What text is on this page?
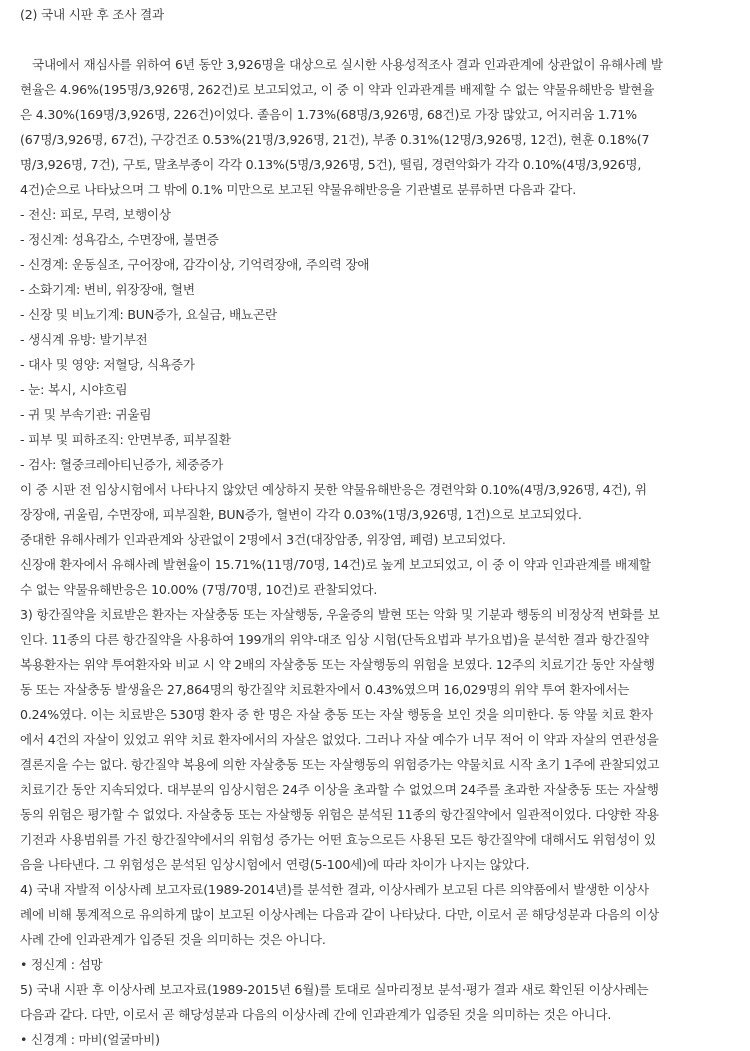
(2) 국내 시판 후 조사 결과
국내에서 재심사를 위하여 6년 동안 3,926명을 대상으로 실시한 사용성적조사 결과 인과관계에 상관없이 유해사례 발
현율은 4.96%(195명/3,926명, 262건)로 보고되었고, 이 중 이 약과 인과관계를 배제할 수 없는 약물유해반응 발현율
은 4.30%(169명/3,926명, 226건)이었다. 졸음이 1.73%(68명/3,926명, 68건)로 가장 많았고, 어지러움 1.71%
(67명/3,926명, 67건), 구강건조 0.53%(21명/3,926명, 21건), 부종 0.31%(12명/3,926명, 12건), 현훈 0.18%(7
명/3,926명, 7건), 구토, 말초부종이 각각 0.13%(5명/3,926명, 5건), 떨림, 경련악화가 각각 0.10%(4명/3,926명,
4건)순으로 나타났으며 그 밖에 0.1% 미만으로 보고된 약물유해반응을 기관별로 분류하면 다음과 같다.
- 전신: 피로, 무력, 보행이상
- 정신계: 성욕감소, 수면장애, 불면증
- 신경계: 운동실조, 구어장애, 감각이상, 기억력장애, 주의력 장애
- 소화기계: 변비, 위장장애, 혈변
- 신장 및 비뇨기계: BUN증가, 요실금, 배뇨곤란
- 생식계 유방: 발기부전
- 대사 및 영양: 저혈당, 식욕증가
- 눈: 복시, 시야흐림
- 귀 및 부속기관: 귀울림
- 피부 및 피하조직: 안면부종, 피부질환
- 검사: 혈중크레아티닌증가, 체중증가
이 중 시판 전 임상시험에서 나타나지 않았던 예상하지 못한 약물유해반응은 경련악화 0.10%(4명/3,926명, 4건), 위
장장애, 귀울림, 수면장애, 피부질환, BUN증가, 혈변이 각각 0.03%(1명/3,926명, 1건)으로 보고되었다.
중대한 유해사례가 인과관계와 상관없이 2명에서 3건(대장암종, 위장염, 폐렴) 보고되었다.
신장애 환자에서 유해사례 발현율이 15.71%(11명/70명, 14건)로 높게 보고되었고, 이 중 이 약과 인과관계를 배제할
수 없는 약물유해반응은 10.00% (7명/70명, 10건)로 관찰되었다.
3) 항간질약을 치료받은 환자는 자살충동 또는 자살행동, 우울증의 발현 또는 악화 및 기분과 행동의 비정상적 변화를 보
인다. 11종의 다른 항간질약을 사용하여 199개의 위약-대조 임상 시험(단독요법과 부가요법)을 분석한 결과 항간질약
복용환자는 위약 투여환자와 비교 시 약 2배의 자살충동 또는 자살행동의 위험을 보였다. 12주의 치료기간 동안 자살행
동 또는 자살충동 발생율은 27,864명의 항간질약 치료환자에서 0.43%였으며 16,029명의 위약 투여 환자에서는
0.24%였다. 이는 치료받은 530명 환자 중 한 명은 자살 충동 또는 자살 행동을 보인 것을 의미한다. 동 약물 치료 환자
에서 4건의 자살이 있었고 위약 치료 환자에서의 자살은 없었다. 그러나 자살 예수가 너무 적어 이 약과 자살의 연관성을
결론지을 수는 없다. 항간질약 복용에 의한 자살충동 또는 자살행동의 위험증가는 약물치료 시작 초기 1주에 관찰되었고
치료기간 동안 지속되었다. 대부분의 임상시험은 24주 이상을 초과할 수 없었으며 24주를 초과한 자살충동 또는 자살행
동의 위험은 평가할 수 없었다. 자살충동 또는 자살행동 위험은 분석된 11종의 항간질약에서 일관적이었다. 다양한 작용
기전과 사용범위를 가진 항간질약에서의 위험성 증가는 어떤 효능으로든 사용된 모든 항간질약에 대해서도 위험성이 있
음을 나타낸다. 그 위험성은 분석된 임상시험에서 연령(5-100세)에 따라 차이가 나지는 않았다.
4) 국내 자발적 이상사례 보고자료(1989-2014년)를 분석한 결과, 이상사례가 보고된 다른 의약품에서 발생한 이상사
례에 비해 통계적으로 유의하게 많이 보고된 이상사례는 다음과 같이 나타났다. 다만, 이로서 곧 해당성분과 다음의 이상
사례 간에 인과관계가 입증된 것을 의미하는 것은 아니다.
• 정신계 : 섬망
5) 국내 시판 후 이상사례 보고자료(1989-2015년 6월)를 토대로 실마리정보 분석·평가 결과 새로 확인된 이상사례는
다음과 같다. 다만, 이로서 곧 해당성분과 다음의 이상사례 간에 인과관계가 입증된 것을 의미하는 것은 아니다.
• 신경계 : 마비(얼굴마비)
